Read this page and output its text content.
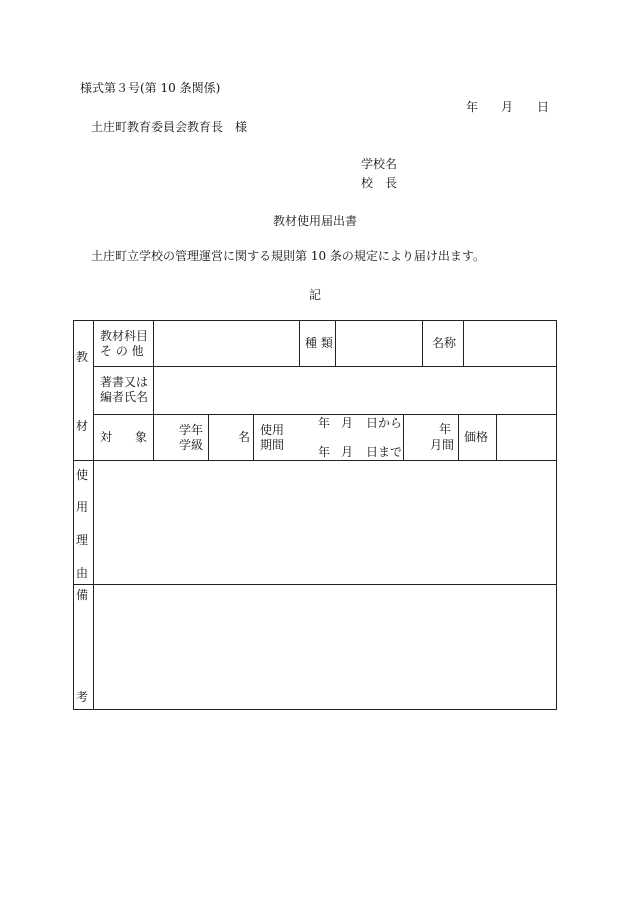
様式第３号(第 10 条関係)
年 月 日
土庄町教育委員会教育長　様
学校名
校　長
教材使用届出書
土庄町立学校の管理運営に関する規則第 10 条の規定により届け出ます。
記
教
材
教材科目
そ の 他
種 類	名称
著書又は
編者氏名
対 象	学年
学級
名 使用
期間
年 月 日から
年 月 日まで
年
月間
価格
使
用
理
由
備
考
